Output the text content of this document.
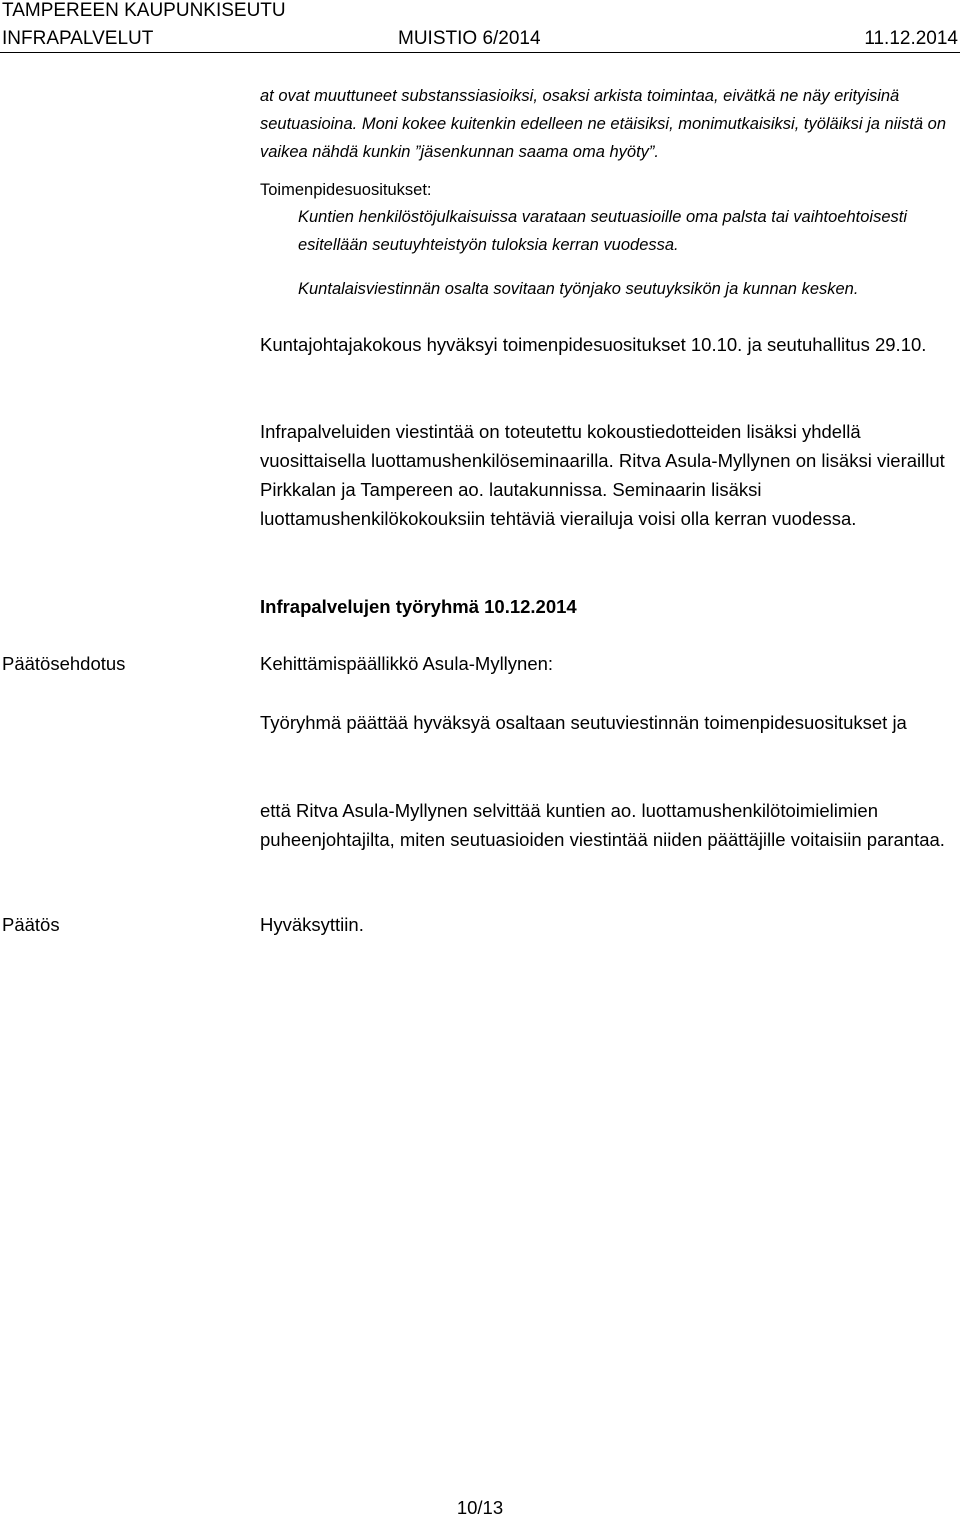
TAMPEREEN KAUPUNKISEUTU
INFRAPALVELUT	MUISTIO 6/2014	11.12.2014

at ovat muuttuneet substanssiasioiksi, osaksi arkista toimintaa, eivätkä ne näy erityisinä seutuasioina. Moni kokee kuitenkin edelleen ne etäisiksi, monimutkaisiksi, työläiksi ja niistä on vaikea nähdä kunkin ”jäsenkunnan saama oma hyöty”.

Toimenpidesuositukset:

Kuntien henkilöstöjulkaisuissa varataan seutuasioille oma palsta tai vaihtoehtoisesti esitellään seutuyhteistyön tuloksia kerran vuodessa.

Kuntalaisviestinnän osalta sovitaan työnjako seutuyksikön ja kunnan kesken.

Kuntajohtajakokous hyväksyi toimenpidesuositukset 10.10. ja seutuhallitus 29.10.

Infrapalveluiden viestintää on toteutettu kokoustiedotteiden lisäksi yhdellä vuosittaisella luottamushenkilöseminaarilla. Ritva Asula-Myllynen on lisäksi vieraillut Pirkkalan ja Tampereen ao. lautakunnissa. Seminaarin lisäksi luottamushenkilökokouksiin tehtäviä vierailuja voisi olla kerran vuodessa.

Infrapalvelujen työryhmä 10.12.2014

Päätösehdotus	Kehittämispäällikkö Asula-Myllynen:

Työryhmä päättää hyväksyä osaltaan seutuviestinnän toimenpidesuositukset ja

että Ritva Asula-Myllynen selvittää kuntien ao. luottamushenkilötoimielimien puheenjohtajilta, miten seutuasioiden viestintää niiden päättäjille voitaisiin parantaa.

Päätös	Hyväksyttiin.

10/13
